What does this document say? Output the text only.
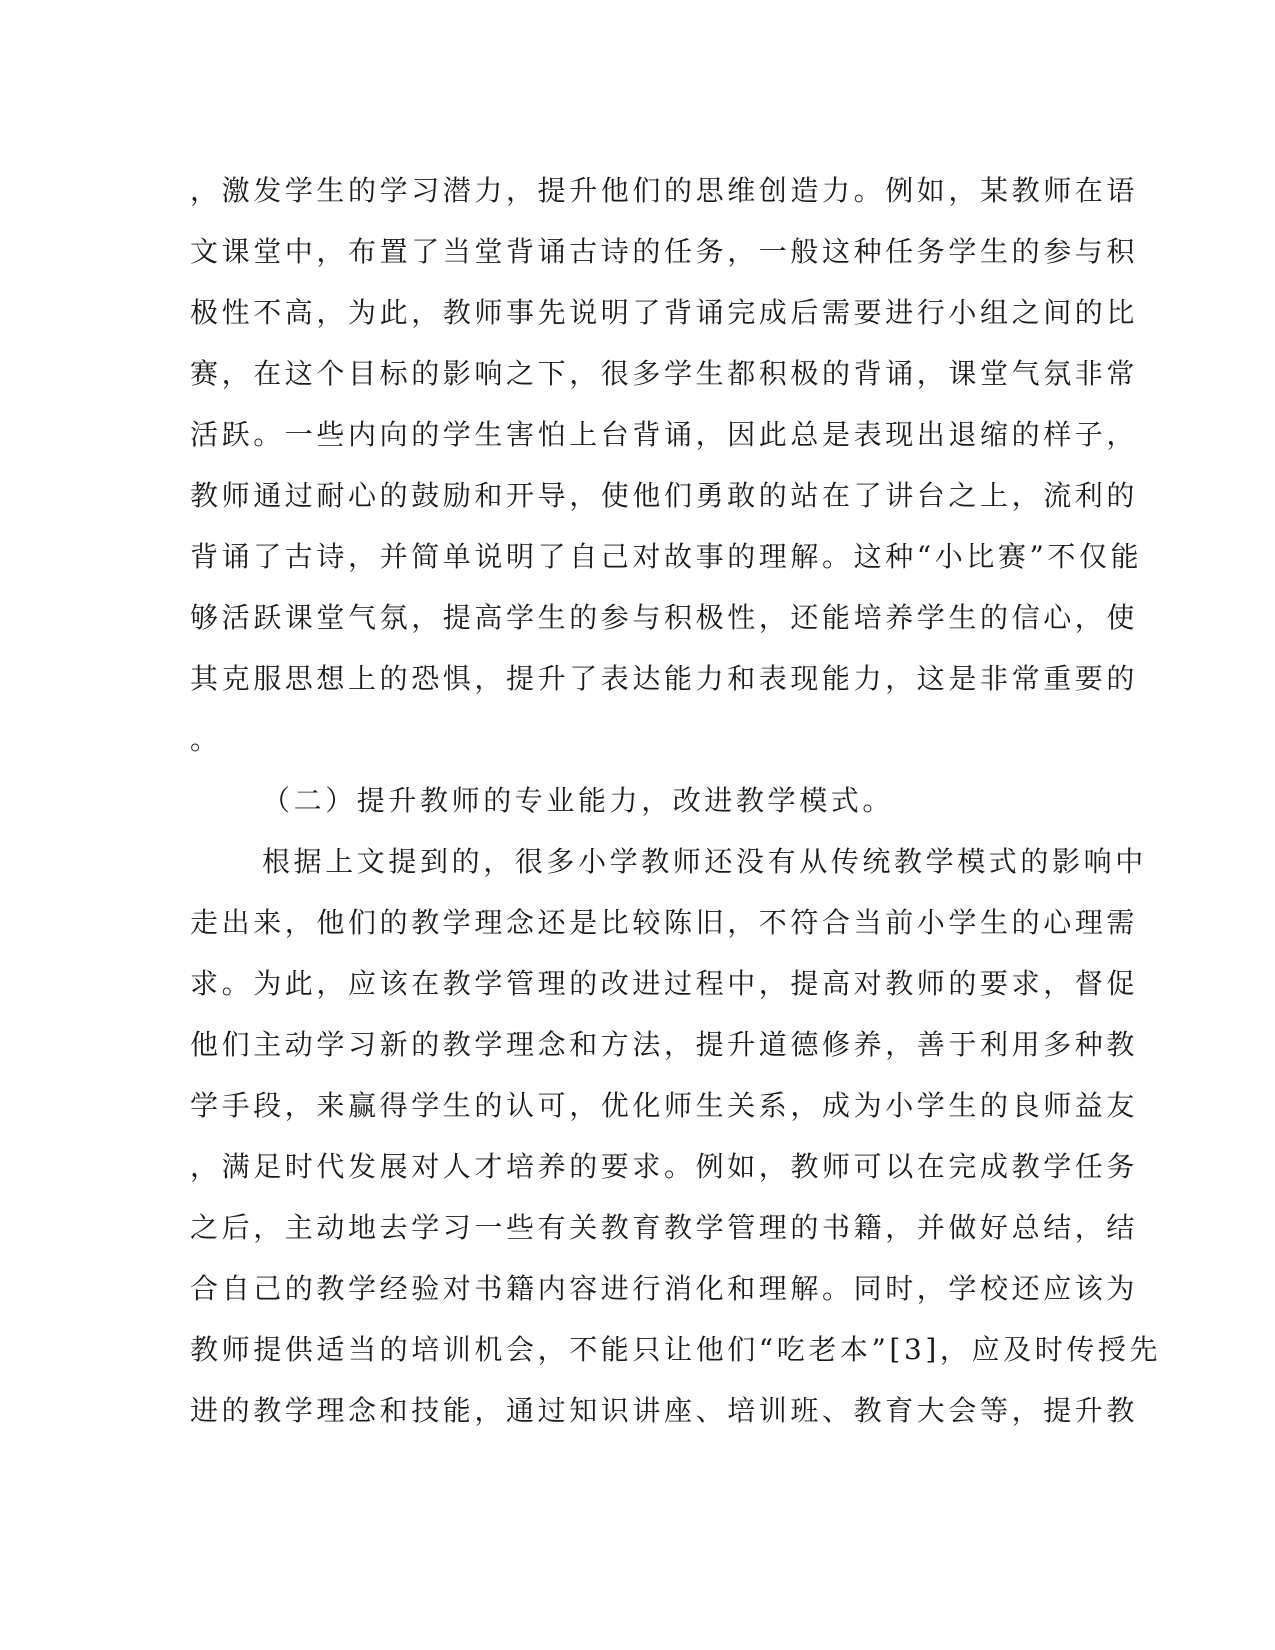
，激发学生的学习潜力，提升他们的思维创造力。例如，某教师在语
文课堂中，布置了当堂背诵古诗的任务，一般这种任务学生的参与积
极性不高，为此，教师事先说明了背诵完成后需要进行小组之间的比
赛，在这个目标的影响之下，很多学生都积极的背诵，课堂气氛非常
活跃。一些内向的学生害怕上台背诵，因此总是表现出退缩的样子，
教师通过耐心的鼓励和开导，使他们勇敢的站在了讲台之上，流利的
背诵了古诗，并简单说明了自己对故事的理解。这种“小比赛”不仅能
够活跃课堂气氛，提高学生的参与积极性，还能培养学生的信心，使
其克服思想上的恐惧，提升了表达能力和表现能力，这是非常重要的
。
（二）提升教师的专业能力，改进教学模式。
根据上文提到的，很多小学教师还没有从传统教学模式的影响中
走出来，他们的教学理念还是比较陈旧，不符合当前小学生的心理需
求。为此，应该在教学管理的改进过程中，提高对教师的要求，督促
他们主动学习新的教学理念和方法，提升道德修养，善于利用多种教
学手段，来赢得学生的认可，优化师生关系，成为小学生的良师益友
，满足时代发展对人才培养的要求。例如，教师可以在完成教学任务
之后，主动地去学习一些有关教育教学管理的书籍，并做好总结，结
合自己的教学经验对书籍内容进行消化和理解。同时，学校还应该为
教师提供适当的培训机会，不能只让他们“吃老本”[3]，应及时传授先
进的教学理念和技能，通过知识讲座、培训班、教育大会等，提升教
